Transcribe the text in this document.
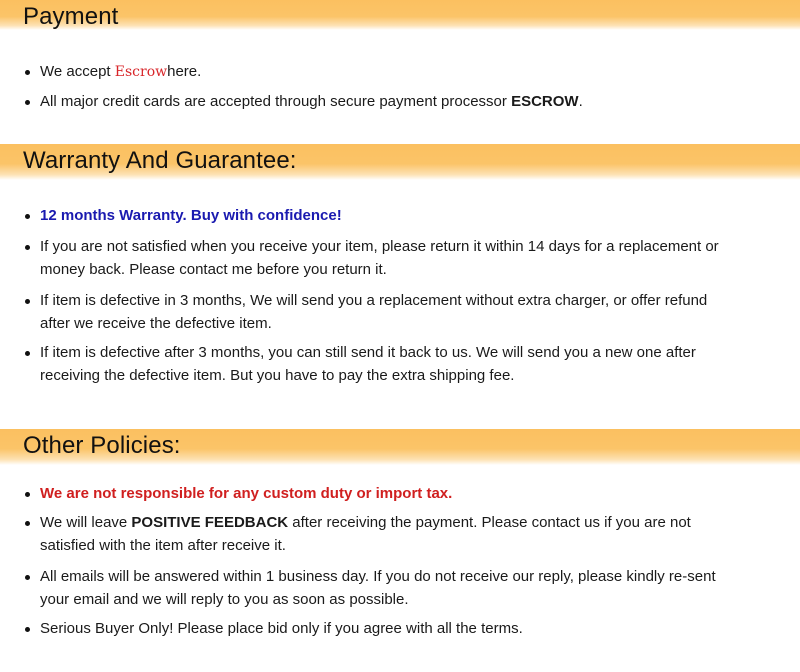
Payment
We accept Escrowhere.
All major credit cards are accepted through secure payment processor ESCROW.
Warranty And Guarantee:
12 months Warranty. Buy with confidence!
If you are not satisfied when you receive your item, please return it within 14 days for a replacement or money back. Please contact me before you return it.
If item is defective in 3 months, We will send you a replacement without extra charger, or offer refund after we receive the defective item.
If item is defective after 3 months, you can still send it back to us. We will send you a new one after receiving the defective item. But you have to pay the extra shipping fee.
Other Policies:
We are not responsible for any custom duty or import tax.
We will leave POSITIVE FEEDBACK after receiving the payment. Please contact us if you are not satisfied with the item after receive it.
All emails will be answered within 1 business day. If you do not receive our reply, please kindly re-sent your email and we will reply to you as soon as possible.
Serious Buyer Only! Please place bid only if you agree with all the terms.
